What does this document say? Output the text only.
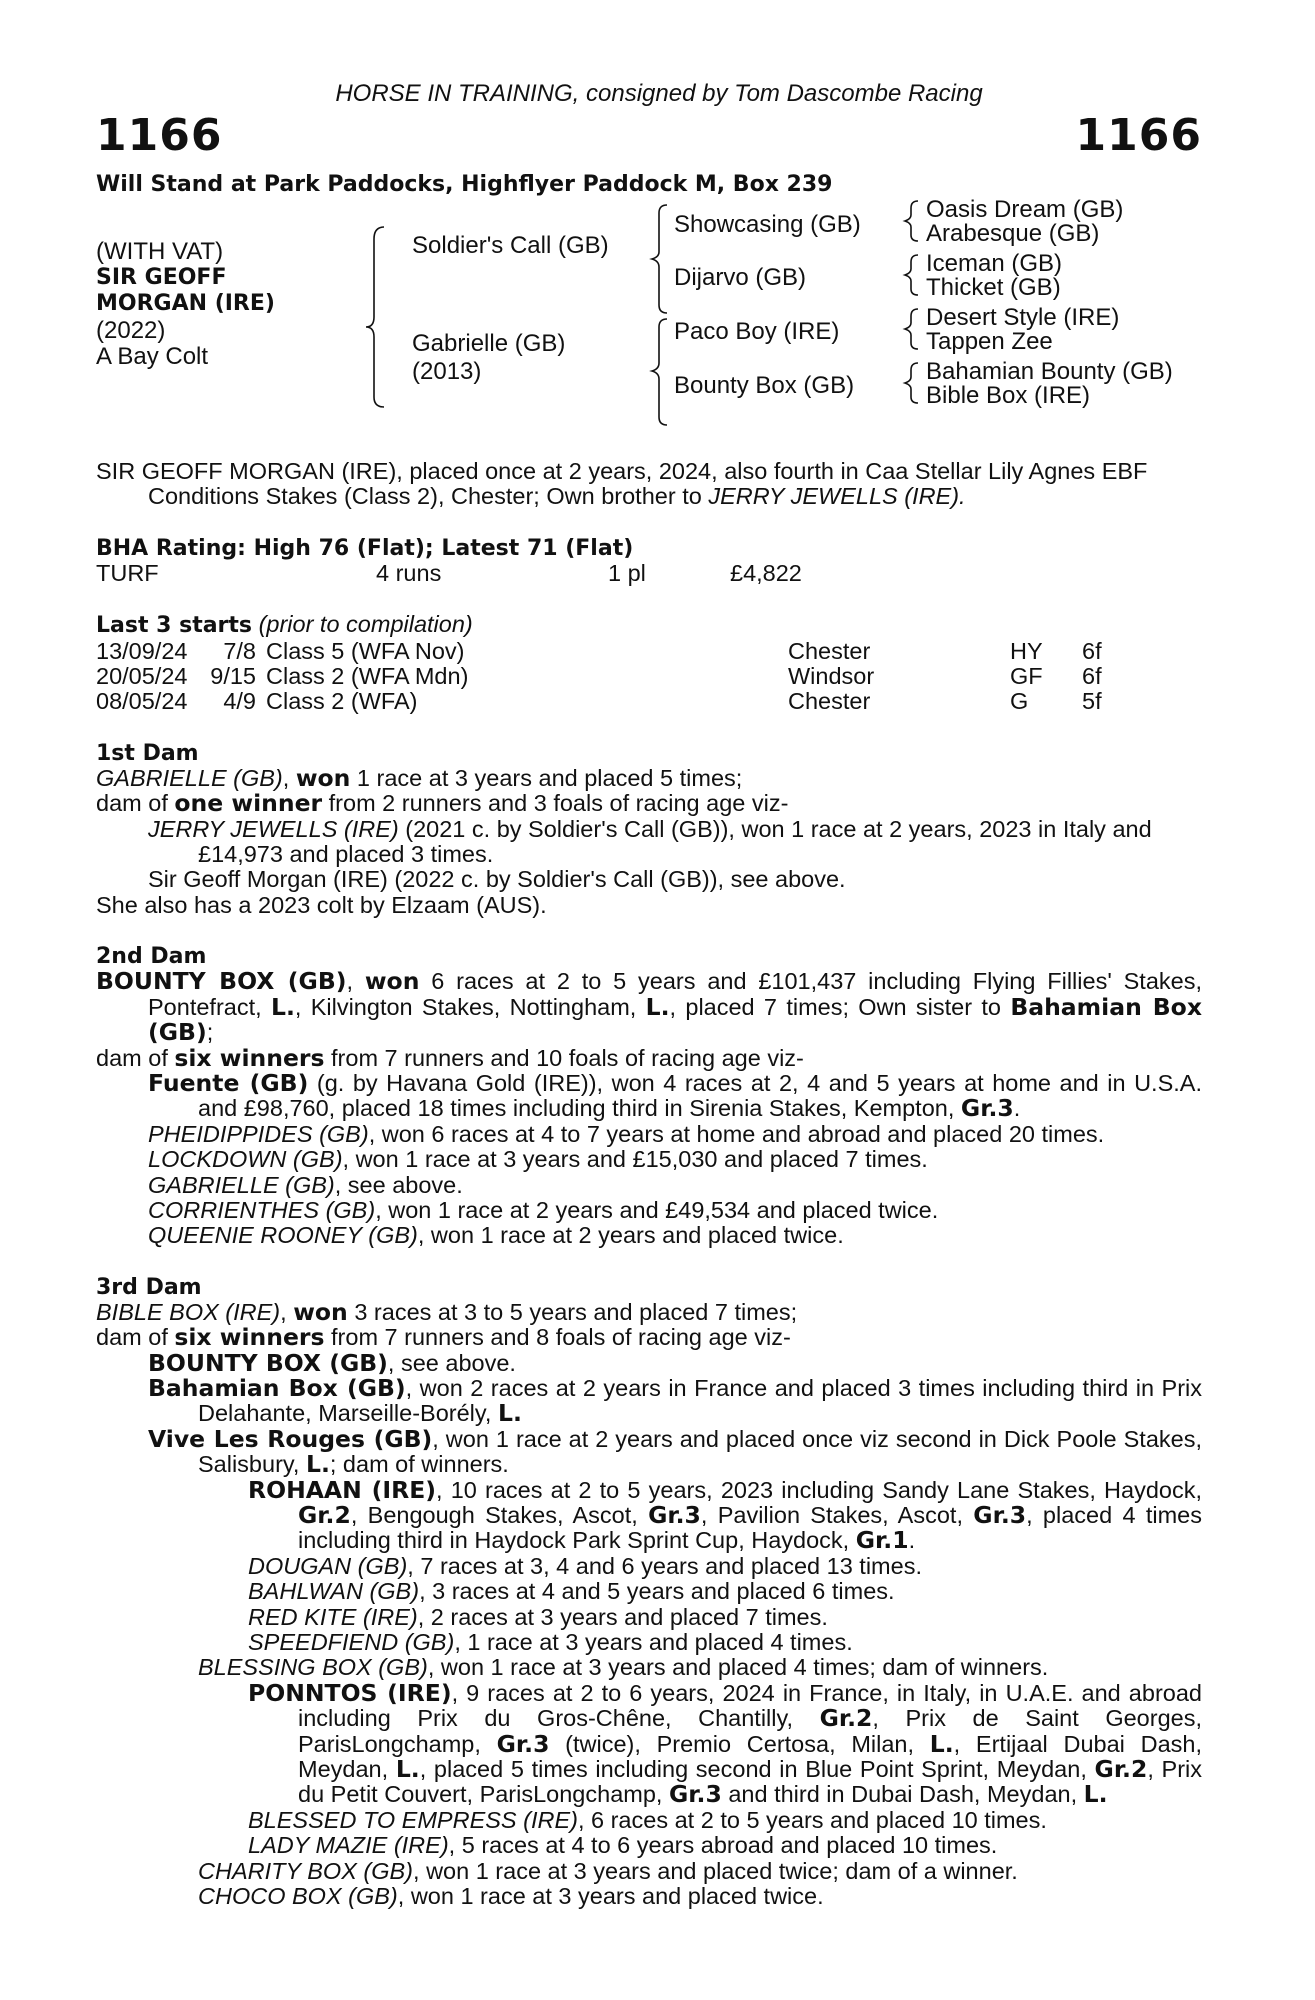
HORSE IN TRAINING, consigned by Tom Dascombe Racing
1166	1166
Will Stand at Park Paddocks, Highflyer Paddock M, Box 239
(WITH VAT)
SIR GEOFF
MORGAN (IRE)
(2022)
A Bay Colt
Soldier's Call (GB)
Gabrielle (GB)
(2013)
Showcasing (GB)
Dijarvo (GB)
Paco Boy (IRE)
Bounty Box (GB)
Oasis Dream (GB)
Arabesque (GB)
Iceman (GB)
Thicket (GB)
Desert Style (IRE)
Tappen Zee
Bahamian Bounty (GB)
Bible Box (IRE)
SIR GEOFF MORGAN (IRE), placed once at 2 years, 2024, also fourth in Caa Stellar Lily Agnes EBF Conditions Stakes (Class 2), Chester; Own brother to JERRY JEWELLS (IRE).
BHA Rating: High 76 (Flat); Latest 71 (Flat)
TURF	4 runs	1 pl	£4,822
Last 3 starts (prior to compilation)
13/09/24	7/8 Class 5 (WFA Nov)	Chester	HY	6f
20/05/24 9/15 Class 2 (WFA Mdn)	Windsor	GF	6f
08/05/24	4/9 Class 2 (WFA)	Chester	G	5f
1st Dam
GABRIELLE (GB), won 1 race at 3 years and placed 5 times;
dam of one winner from 2 runners and 3 foals of racing age viz-
JERRY JEWELLS (IRE) (2021 c. by Soldier's Call (GB)), won 1 race at 2 years, 2023 in Italy and £14,973 and placed 3 times.
Sir Geoff Morgan (IRE) (2022 c. by Soldier's Call (GB)), see above.
She also has a 2023 colt by Elzaam (AUS).
2nd Dam
BOUNTY BOX (GB), won 6 races at 2 to 5 years and £101,437 including Flying Fillies' Stakes, Pontefract, L., Kilvington Stakes, Nottingham, L., placed 7 times; Own sister to Bahamian Box (GB);
dam of six winners from 7 runners and 10 foals of racing age viz-
Fuente (GB) (g. by Havana Gold (IRE)), won 4 races at 2, 4 and 5 years at home and in U.S.A. and £98,760, placed 18 times including third in Sirenia Stakes, Kempton, Gr.3.
PHEIDIPPIDES (GB), won 6 races at 4 to 7 years at home and abroad and placed 20 times.
LOCKDOWN (GB), won 1 race at 3 years and £15,030 and placed 7 times.
GABRIELLE (GB), see above.
CORRIENTHES (GB), won 1 race at 2 years and £49,534 and placed twice.
QUEENIE ROONEY (GB), won 1 race at 2 years and placed twice.
3rd Dam
BIBLE BOX (IRE), won 3 races at 3 to 5 years and placed 7 times;
dam of six winners from 7 runners and 8 foals of racing age viz-
BOUNTY BOX (GB), see above.
Bahamian Box (GB), won 2 races at 2 years in France and placed 3 times including third in Prix Delahante, Marseille-Borély, L.
Vive Les Rouges (GB), won 1 race at 2 years and placed once viz second in Dick Poole Stakes, Salisbury, L.; dam of winners.
ROHAAN (IRE), 10 races at 2 to 5 years, 2023 including Sandy Lane Stakes, Haydock, Gr.2, Bengough Stakes, Ascot, Gr.3, Pavilion Stakes, Ascot, Gr.3, placed 4 times including third in Haydock Park Sprint Cup, Haydock, Gr.1.
DOUGAN (GB), 7 races at 3, 4 and 6 years and placed 13 times.
BAHLWAN (GB), 3 races at 4 and 5 years and placed 6 times.
RED KITE (IRE), 2 races at 3 years and placed 7 times.
SPEEDFIEND (GB), 1 race at 3 years and placed 4 times.
BLESSING BOX (GB), won 1 race at 3 years and placed 4 times; dam of winners.
PONNTOS (IRE), 9 races at 2 to 6 years, 2024 in France, in Italy, in U.A.E. and abroad including Prix du Gros-Chêne, Chantilly, Gr.2, Prix de Saint Georges, ParisLongchamp, Gr.3 (twice), Premio Certosa, Milan, L., Ertijaal Dubai Dash, Meydan, L., placed 5 times including second in Blue Point Sprint, Meydan, Gr.2, Prix du Petit Couvert, ParisLongchamp, Gr.3 and third in Dubai Dash, Meydan, L.
BLESSED TO EMPRESS (IRE), 6 races at 2 to 5 years and placed 10 times.
LADY MAZIE (IRE), 5 races at 4 to 6 years abroad and placed 10 times.
CHARITY BOX (GB), won 1 race at 3 years and placed twice; dam of a winner.
CHOCO BOX (GB), won 1 race at 3 years and placed twice.
